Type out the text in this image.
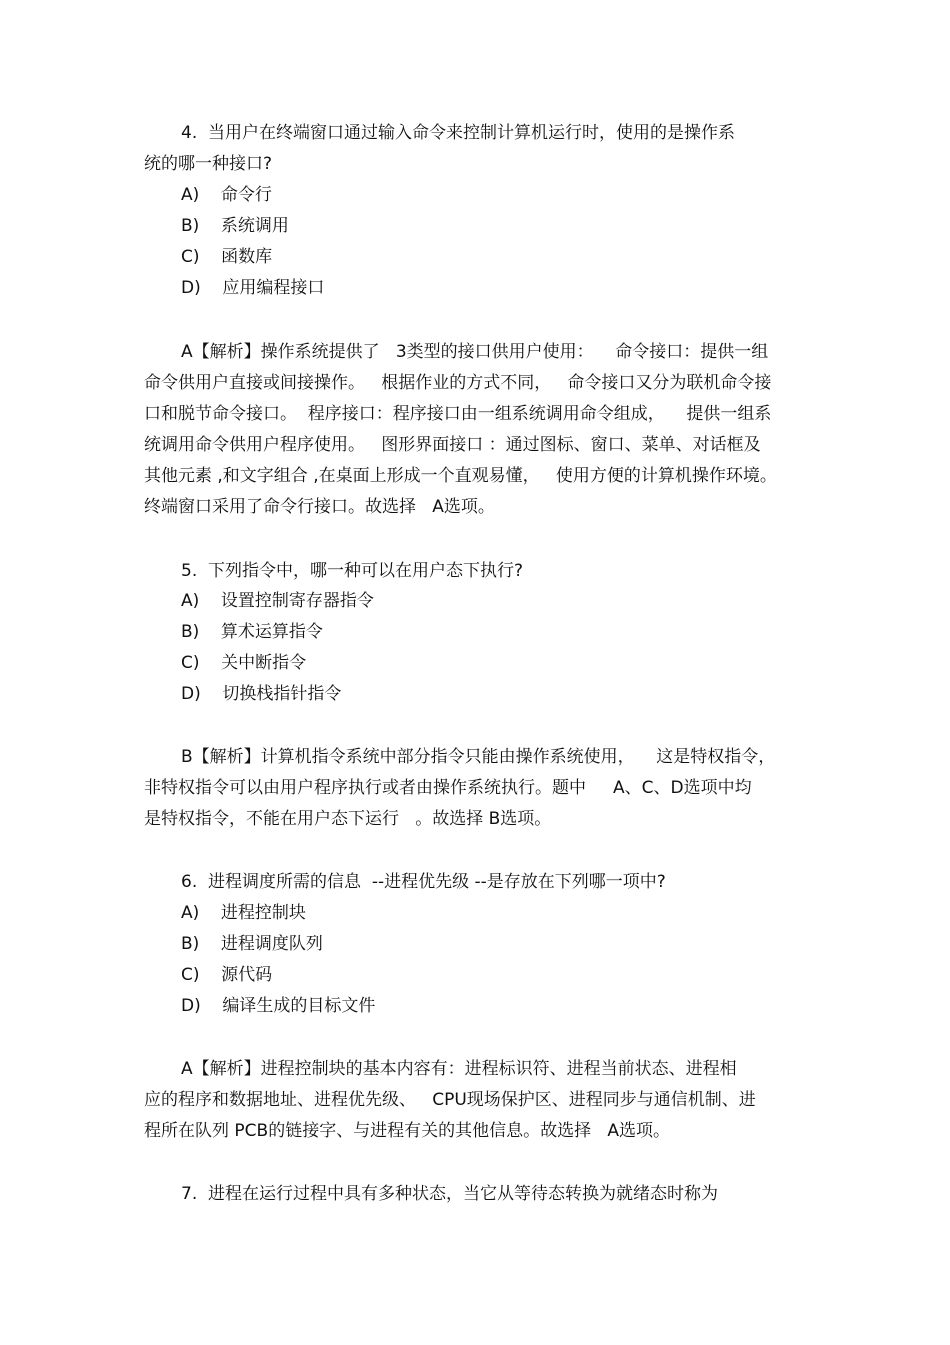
4.  当用户在终端窗口通过输入命令来控制计算机运行时，使用的是操作系
统的哪一种接口?
A)    命令行
B)    系统调用
C)    函数库
D)    应用编程接口
A【解析】操作系统提供了   3类型的接口供用户使用：    命令接口：提供一组
命令供用户直接或间接操作。   根据作业的方式不同，   命令接口又分为联机命令接
口和脱节命令接口。  程序接口：程序接口由一组系统调用命令组成，    提供一组系
统调用命令供用户程序使用。   图形界面接口 ：通过图标、窗口、菜单、对话框及
其他元素 ,和文字组合 ,在桌面上形成一个直观易懂，   使用方便的计算机操作环境。
终端窗口采用了命令行接口。故选择   A选项。
5.  下列指令中，哪一种可以在用户态下执行?
A)    设置控制寄存器指令
B)    算术运算指令
C)    关中断指令
D)    切换栈指针指令
B【解析】计算机指令系统中部分指令只能由操作系统使用，    这是特权指令，
非特权指令可以由用户程序执行或者由操作系统执行。题中     A、C、D选项中均
是特权指令，不能在用户态下运行   。故选择 B选项。
6.  进程调度所需的信息  --进程优先级 --是存放在下列哪一项中?
A)    进程控制块
B)    进程调度队列
C)    源代码
D)    编译生成的目标文件
A【解析】进程控制块的基本内容有：进程标识符、进程当前状态、进程相
应的程序和数据地址、进程优先级、   CPU现场保护区、进程同步与通信机制、进
程所在队列 PCB的链接字、与进程有关的其他信息。故选择   A选项。
7.  进程在运行过程中具有多种状态，当它从等待态转换为就绪态时称为
